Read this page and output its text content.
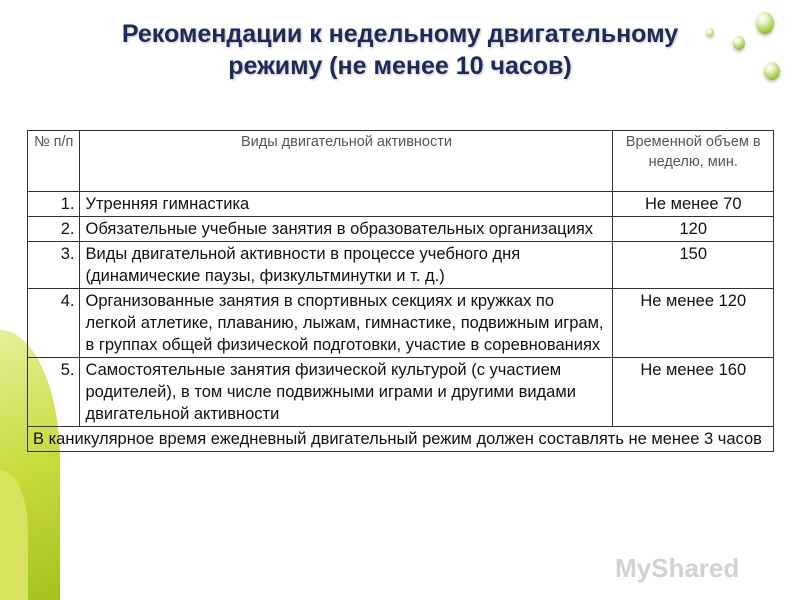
Рекомендации к недельному двигательному
режиму (не менее 10 часов)
№ п/п	Виды двигательной активности	Временной объем в неделю, мин.
1.	Утренняя гимнастика	Не менее 70
2.	Обязательные учебные занятия в образовательных организациях	120
3.	Виды двигательной активности в процессе учебного дня (динамические паузы, физкультминутки и т. д.)	150
4.	Организованные занятия в спортивных секциях и кружках по легкой атлетике, плаванию, лыжам, гимнастике, подвижным играм, в группах общей физической подготовки, участие в соревнованиях	Не менее 120
5.	Самостоятельные занятия физической культурой (с участием родителей), в том числе подвижными играми и другими видами двигательной активности	Не менее 160
В каникулярное время ежедневный двигательный режим должен составлять не менее 3 часов		
MyShared
